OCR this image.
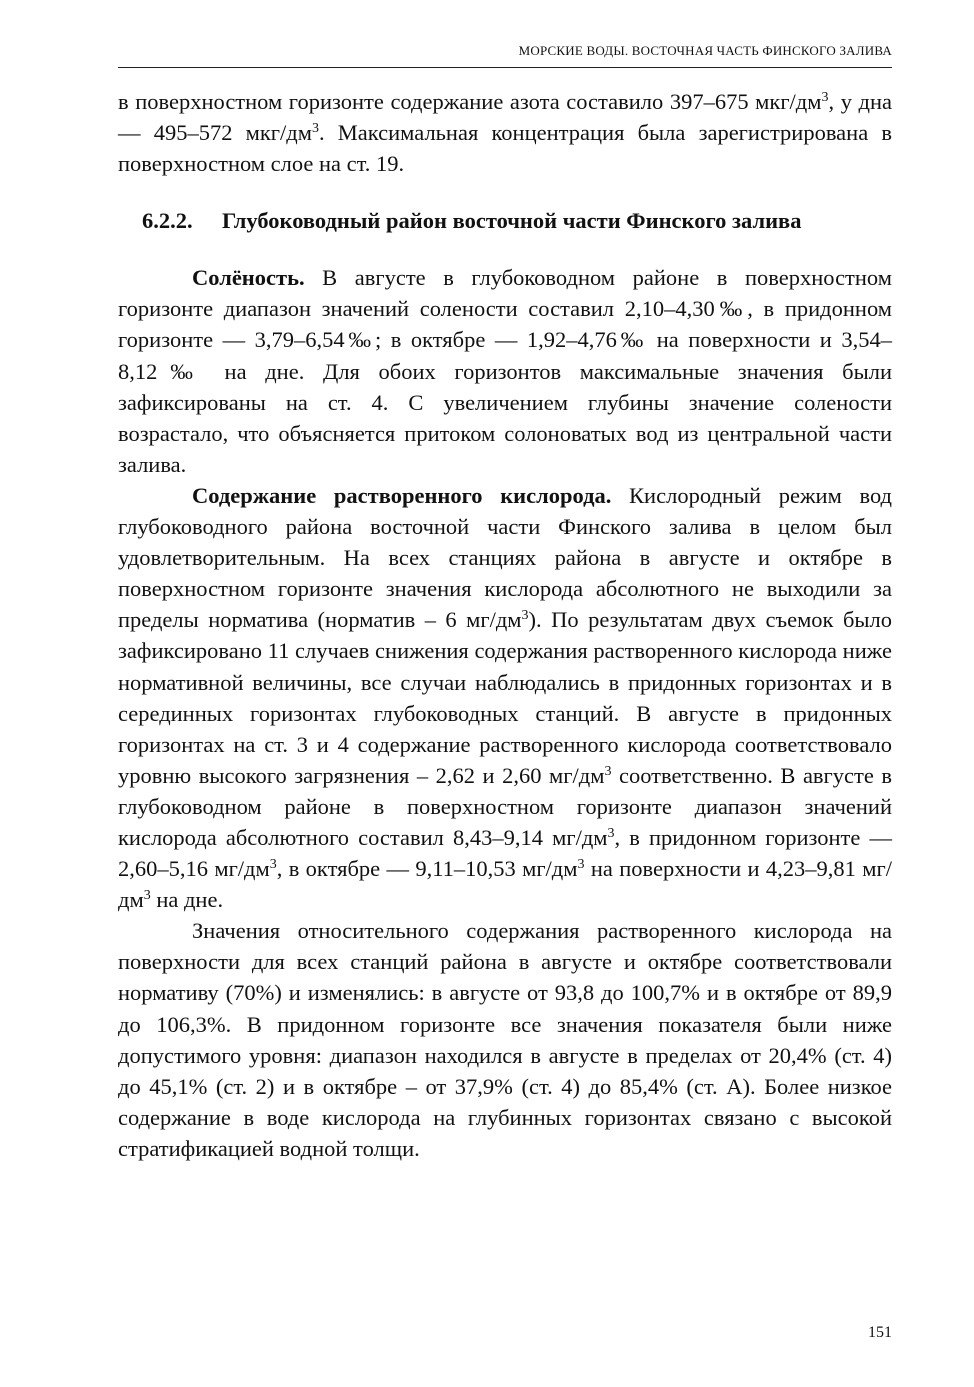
МОРСКИЕ ВОДЫ. ВОСТОЧНАЯ ЧАСТЬ ФИНСКОГО ЗАЛИВА

в поверхностном горизонте содержание азота составило 397–675 мкг/$дм^3$, у дна — 495–572 мкг/$дм^3$. Максимальная концентрация была зарегистрирована в поверхностном слое на ст. 19.

6.2.2. Глубоководный район восточной части Финского залива

Солёность. В августе в глубоководном районе в поверхностном горизонте диапазон значений солености составил 2,10–4,30‰, в придонном горизонте — 3,79–6,54‰; в октябре — 1,92–4,76‰ на поверхности и 3,54–8,12‰ на дне. Для обоих горизонтов максимальные значения были зафиксированы на ст. 4. С увеличением глубины значение солености возрастало, что объясняется притоком солоноватых вод из центральной части залива.

Содержание растворенного кислорода. Кислородный режим вод глубоководного района восточной части Финского залива в целом был удовлетворительным. На всех станциях района в августе и октябре в поверхностном горизонте значения кислорода абсолютного не выходили за пределы норматива (норматив – 6 $мг/дм^3$). По результатам двух съемок было зафиксировано 11 случаев снижения содержания растворенного кислорода ниже нормативной величины, все случаи наблюдались в придонных горизонтах и в серединных горизонтах глубоководных станций. В августе в придонных горизонтах на ст. 3 и 4 содержание растворенного кислорода соответствовало уровню высокого загрязнения – 2,62 и 2,60 $мг/дм^3$ соответственно. В августе в глубоководном районе в поверхностном горизонте диапазон значений кислорода абсолютного составил 8,43–9,14 $мг/дм^3$, в придонном горизонте — 2,60–5,16 $мг/дм^3$, в октябре — 9,11–10,53 $мг/дм^3$ на поверхности и 4,23–9,81 $мг/дм^3$ на дне.

Значения относительного содержания растворенного кислорода на поверхности для всех станций района в августе и октябре соответствовали нормативу (70%) и изменялись: в августе от 93,8 до 100,7% и в октябре от 89,9 до 106,3%. В придонном горизонте все значения показателя были ниже допустимого уровня: диапазон находился в августе в пределах от 20,4% (ст. 4) до 45,1% (ст. 2) и в октябре – от 37,9% (ст. 4) до 85,4% (ст. А). Более низкое содержание в воде кислорода на глубинных горизонтах связано с высокой стратификацией водной толщи.

151
